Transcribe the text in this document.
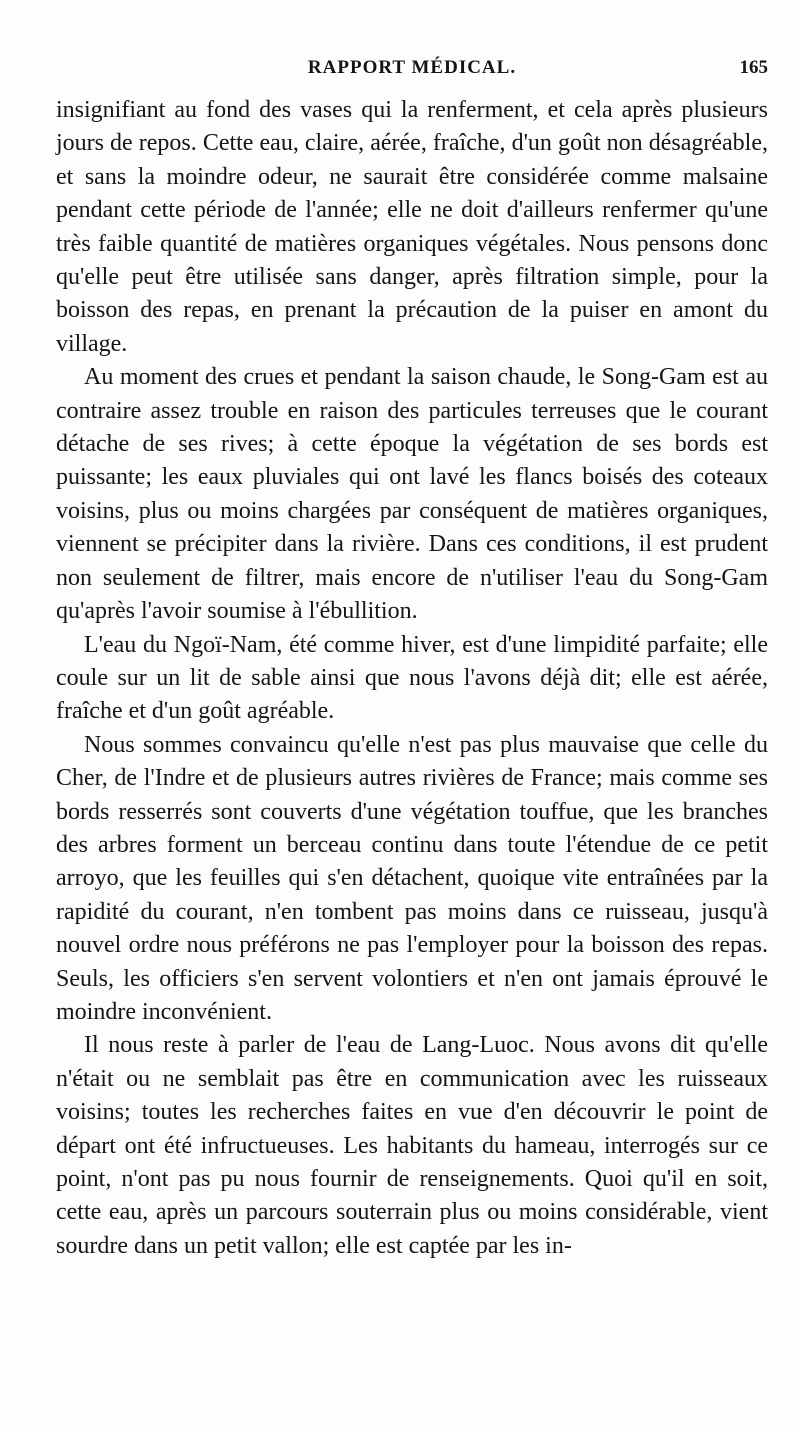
RAPPORT MÉDICAL.	165

insignifiant au fond des vases qui la renferment, et cela après plusieurs jours de repos. Cette eau, claire, aérée, fraîche, d'un goût non désagréable, et sans la moindre odeur, ne saurait être considérée comme malsaine pendant cette période de l'année; elle ne doit d'ailleurs renfermer qu'une très faible quantité de matières organiques végétales. Nous pensons donc qu'elle peut être utilisée sans danger, après filtration simple, pour la boisson des repas, en prenant la précaution de la puiser en amont du village.

Au moment des crues et pendant la saison chaude, le Song-Gam est au contraire assez trouble en raison des particules terreuses que le courant détache de ses rives; à cette époque la végétation de ses bords est puissante; les eaux pluviales qui ont lavé les flancs boisés des coteaux voisins, plus ou moins chargées par conséquent de matières organiques, viennent se précipiter dans la rivière. Dans ces conditions, il est prudent non seulement de filtrer, mais encore de n'utiliser l'eau du Song-Gam qu'après l'avoir soumise à l'ébullition.

L'eau du Ngoï-Nam, été comme hiver, est d'une limpidité parfaite; elle coule sur un lit de sable ainsi que nous l'avons déjà dit; elle est aérée, fraîche et d'un goût agréable.

Nous sommes convaincu qu'elle n'est pas plus mauvaise que celle du Cher, de l'Indre et de plusieurs autres rivières de France; mais comme ses bords resserrés sont couverts d'une végétation touffue, que les branches des arbres forment un berceau continu dans toute l'étendue de ce petit arroyo, que les feuilles qui s'en détachent, quoique vite entraînées par la rapidité du courant, n'en tombent pas moins dans ce ruisseau, jusqu'à nouvel ordre nous préférons ne pas l'employer pour la boisson des repas. Seuls, les officiers s'en servent volontiers et n'en ont jamais éprouvé le moindre inconvénient.

Il nous reste à parler de l'eau de Lang-Luoc. Nous avons dit qu'elle n'était ou ne semblait pas être en communication avec les ruisseaux voisins; toutes les recherches faites en vue d'en découvrir le point de départ ont été infructueuses. Les habitants du hameau, interrogés sur ce point, n'ont pas pu nous fournir de renseignements. Quoi qu'il en soit, cette eau, après un parcours souterrain plus ou moins considérable, vient sourdre dans un petit vallon; elle est captée par les in-
